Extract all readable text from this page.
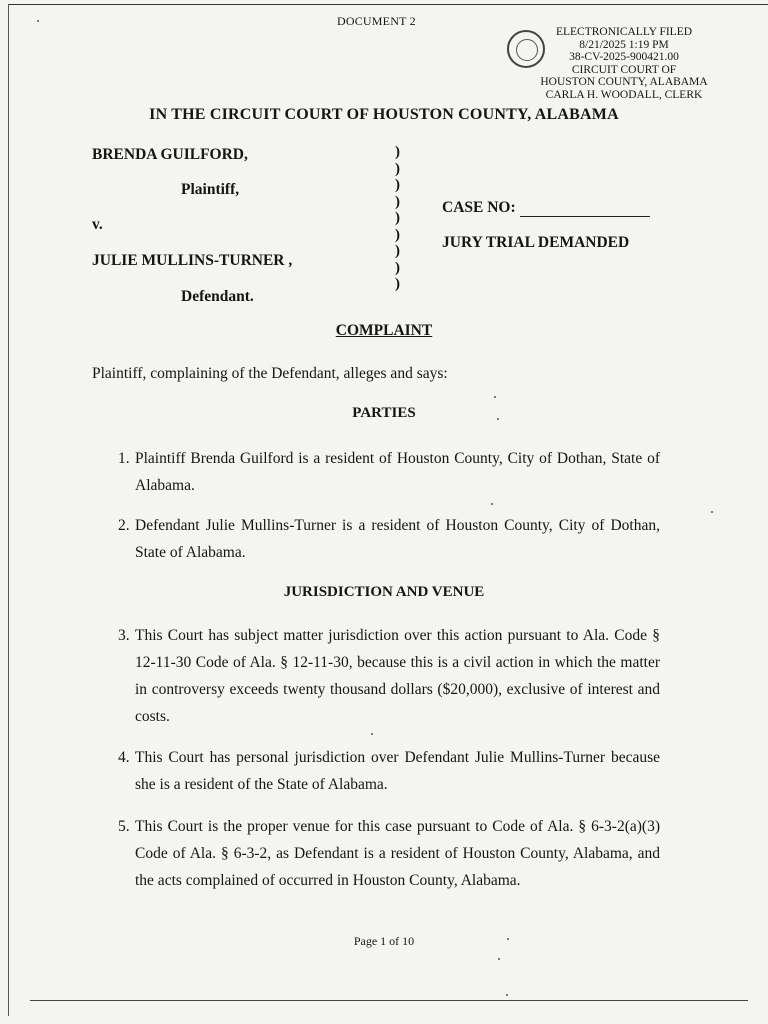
DOCUMENT 2
ELECTRONICALLY FILED
8/21/2025 1:19 PM
38-CV-2025-900421.00
CIRCUIT COURT OF
HOUSTON COUNTY, ALABAMA
CARLA H. WOODALL, CLERK
IN THE CIRCUIT COURT OF HOUSTON COUNTY, ALABAMA
BRENDA GUILFORD,
Plaintiff,
v.
JULIE MULLINS-TURNER ,
Defendant.
)
)
)
)
)
)
)
)
)
CASE NO:
JURY TRIAL DEMANDED
COMPLAINT
Plaintiff, complaining of the Defendant, alleges and says:
PARTIES
1. Plaintiff Brenda Guilford is a resident of Houston County, City of Dothan, State of Alabama.
2. Defendant Julie Mullins-Turner is a resident of Houston County, City of Dothan, State of Alabama.
JURISDICTION AND VENUE
3. This Court has subject matter jurisdiction over this action pursuant to Ala. Code § 12-11-30 Code of Ala. § 12-11-30, because this is a civil action in which the matter in controversy exceeds twenty thousand dollars ($20,000), exclusive of interest and costs.
4. This Court has personal jurisdiction over Defendant Julie Mullins-Turner because she is a resident of the State of Alabama.
5. This Court is the proper venue for this case pursuant to Code of Ala. § 6-3-2(a)(3) Code of Ala. § 6-3-2, as Defendant is a resident of Houston County, Alabama, and the acts complained of occurred in Houston County, Alabama.
Page 1 of 10
